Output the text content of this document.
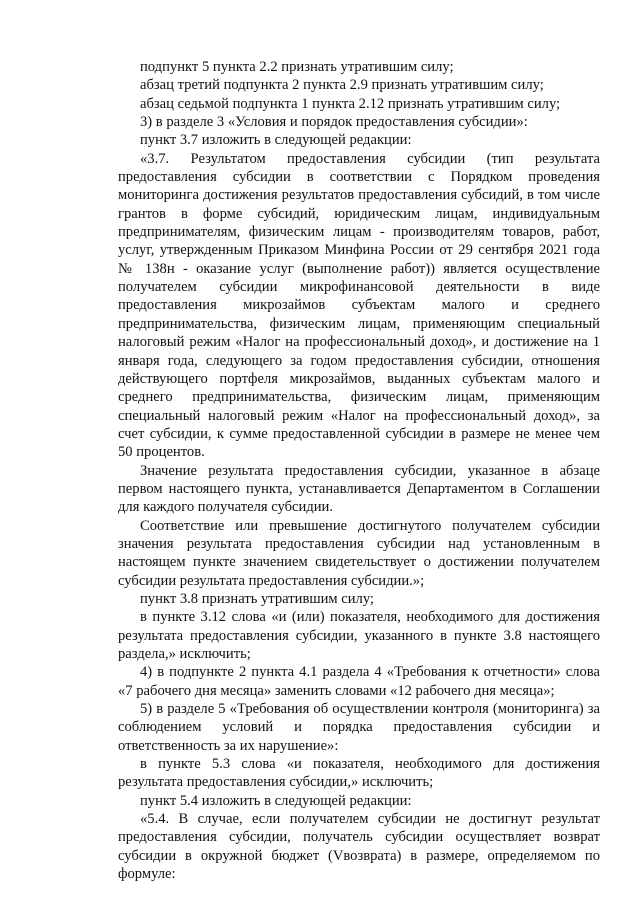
подпункт 5 пункта 2.2 признать утратившим силу;

абзац третий подпункта 2 пункта 2.9 признать утратившим силу;

абзац седьмой подпункта 1 пункта 2.12 признать утратившим силу;

3) в разделе 3 «Условия и порядок предоставления субсидии»:

пункт 3.7 изложить в следующей редакции:

«3.7. Результатом предоставления субсидии (тип результата предоставления субсидии в соответствии с Порядком проведения мониторинга достижения результатов предоставления субсидий, в том числе грантов в форме субсидий, юридическим лицам, индивидуальным предпринимателям, физическим лицам - производителям товаров, работ, услуг, утвержденным Приказом Минфина России от 29 сентября 2021 года № 138н - оказание услуг (выполнение работ)) является осуществление получателем субсидии микрофинансовой деятельности в виде предоставления микрозаймов субъектам малого и среднего предпринимательства, физическим лицам, применяющим специальный налоговый режим «Налог на профессиональный доход», и достижение на 1 января года, следующего за годом предоставления субсидии, отношения действующего портфеля микрозаймов, выданных субъектам малого и среднего предпринимательства, физическим лицам, применяющим специальный налоговый режим «Налог на профессиональный доход», за счет субсидии, к сумме предоставленной субсидии в размере не менее чем 50 процентов.

Значение результата предоставления субсидии, указанное в абзаце первом настоящего пункта, устанавливается Департаментом в Соглашении для каждого получателя субсидии.

Соответствие или превышение достигнутого получателем субсидии значения результата предоставления субсидии над установленным в настоящем пункте значением свидетельствует о достижении получателем субсидии результата предоставления субсидии.»;

пункт 3.8 признать утратившим силу;

в пункте 3.12 слова «и (или) показателя, необходимого для достижения результата предоставления субсидии, указанного в пункте 3.8 настоящего раздела,» исключить;

4) в подпункте 2 пункта 4.1 раздела 4 «Требования к отчетности» слова «7 рабочего дня месяца» заменить словами «12 рабочего дня месяца»;

5) в разделе 5 «Требования об осуществлении контроля (мониторинга) за соблюдением условий и порядка предоставления субсидии и ответственность за их нарушение»:

в пункте 5.3 слова «и показателя, необходимого для достижения результата предоставления субсидии,» исключить;

пункт 5.4 изложить в следующей редакции:

«5.4. В случае, если получателем субсидии не достигнут результат предоставления субсидии, получатель субсидии осуществляет возврат субсидии в окружной бюджет (Vвозврата) в размере, определяемом по формуле:
